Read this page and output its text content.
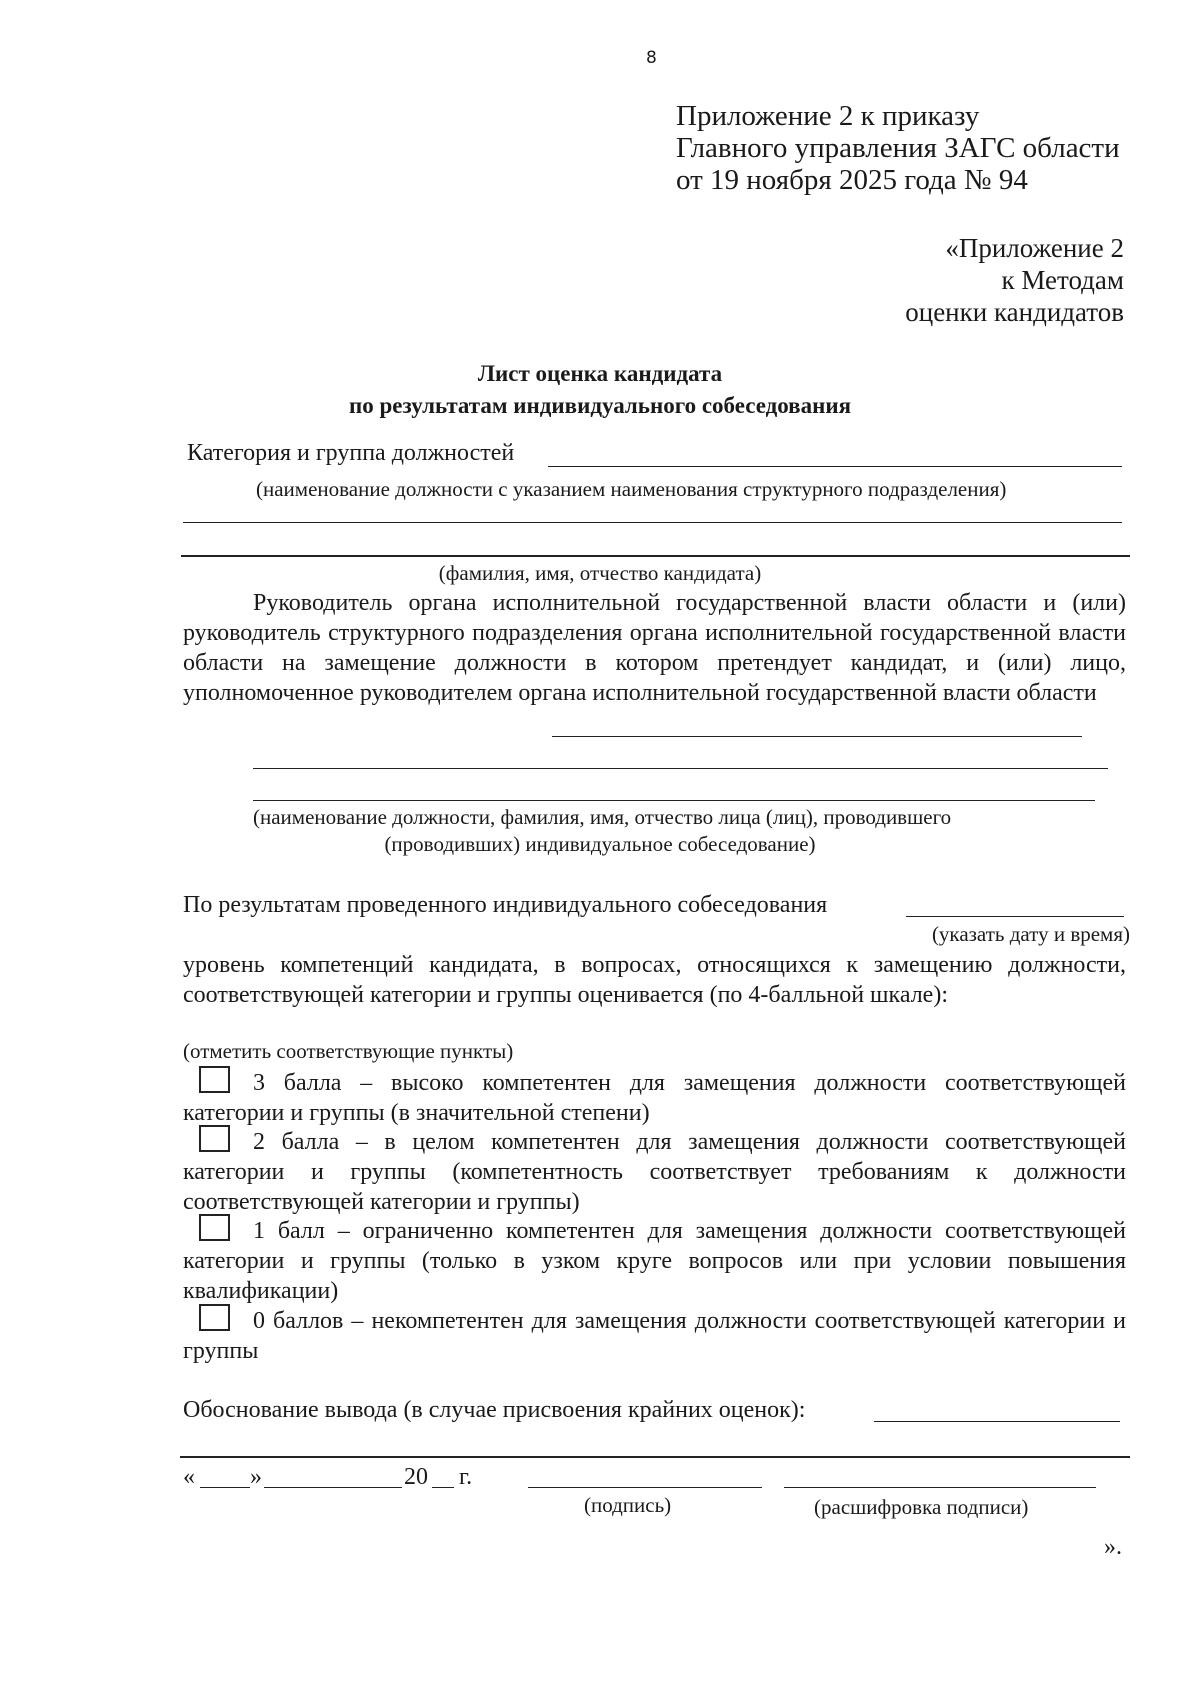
8
Приложение 2 к приказу
Главного управления ЗАГС области
от 19 ноября 2025 года № 94
«Приложение 2
к Методам
оценки кандидатов
Лист оценка кандидата
по результатам индивидуального собеседования
Категория и группа должностей
(наименование должности с указанием наименования структурного подразделения)
(фамилия, имя, отчество кандидата)
Руководитель органа исполнительной государственной власти области и (или) руководитель структурного подразделения органа исполнительной государственной власти области на замещение должности в котором претендует кандидат, и (или) лицо, уполномоченное руководителем органа исполнительной государственной власти области
(наименование должности, фамилия, имя, отчество лица (лиц), проводившего
(проводивших) индивидуальное собеседование)
По результатам проведенного индивидуального собеседования
(указать дату и время)
уровень компетенций кандидата, в вопросах, относящихся к замещению должности, соответствующей категории и группы оценивается (по 4-балльной шкале):
(отметить соответствующие пункты)
3 балла – высоко компетентен для замещения должности соответствующей категории и группы (в значительной степени)
2 балла – в целом компетентен для замещения должности соответствующей категории и группы (компетентность соответствует требованиям к должности соответствующей категории и группы)
1 балл – ограниченно компетентен для замещения должности соответствующей категории и группы (только в узком круге вопросов или при условии повышения квалификации)
0 баллов – некомпетентен для замещения должности соответствующей категории и группы
Обоснование вывода (в случае присвоения крайних оценок):
« »	20 г.
(подпись)	(расшифровка подписи)
».
